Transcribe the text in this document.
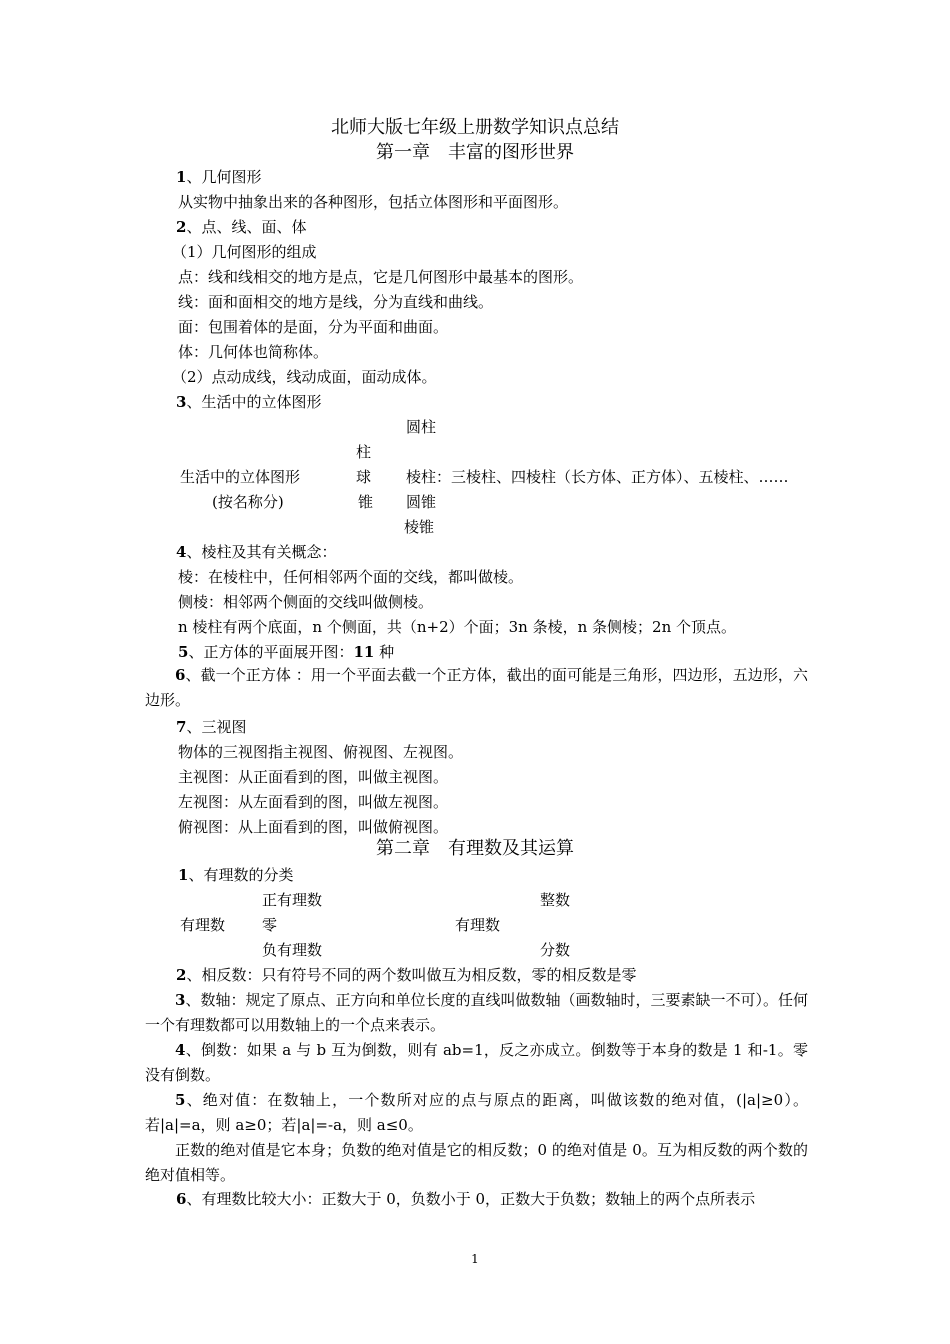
北师大版七年级上册数学知识点总结
第一章　丰富的图形世界
1、几何图形
从实物中抽象出来的各种图形，包括立体图形和平面图形。
2、点、线、面、体
（1）几何图形的组成
点：线和线相交的地方是点，它是几何图形中最基本的图形。
线：面和面相交的地方是线，分为直线和曲线。
面：包围着体的是面，分为平面和曲面。
体：几何体也简称体。
（2）点动成线，线动成面，面动成体。
3、生活中的立体图形
圆柱
柱
生活中的立体图形	球 棱柱：三棱柱、四棱柱（长方体、正方体）、五棱柱、……
(按名称分)	锥 圆锥
棱锥
4、棱柱及其有关概念：
棱：在棱柱中，任何相邻两个面的交线，都叫做棱。
侧棱：相邻两个侧面的交线叫做侧棱。
n 棱柱有两个底面，n 个侧面，共（n+2）个面；3n 条棱，n 条侧棱；2n 个顶点。
5、正方体的平面展开图：11 种
6、截一个正方体 ：用一个平面去截一个正方体，截出的面可能是三角形，四边形，五边形，六边形。
7、三视图
物体的三视图指主视图、俯视图、左视图。
主视图：从正面看到的图，叫做主视图。
左视图：从左面看到的图，叫做左视图。
俯视图：从上面看到的图，叫做俯视图。
第二章　有理数及其运算
1、有理数的分类
正有理数	整数
有理数 零	有理数
负有理数	分数
2、相反数：只有符号不同的两个数叫做互为相反数，零的相反数是零
3、数轴：规定了原点、正方向和单位长度的直线叫做数轴（画数轴时，三要素缺一不可）。任何一个有理数都可以用数轴上的一个点来表示。
4、倒数：如果 a 与 b 互为倒数，则有 ab=1，反之亦成立。倒数等于本身的数是 1 和-1。零没有倒数。
5、绝对值：在数轴上，一个数所对应的点与原点的距离，叫做该数的绝对值，(|a|≥0）。若|a|=a，则 a≥0；若|a|=-a，则 a≤0。
正数的绝对值是它本身；负数的绝对值是它的相反数；0 的绝对值是 0。互为相反数的两个数的绝对值相等。
6、有理数比较大小：正数大于 0，负数小于 0，正数大于负数；数轴上的两个点所表示
1
